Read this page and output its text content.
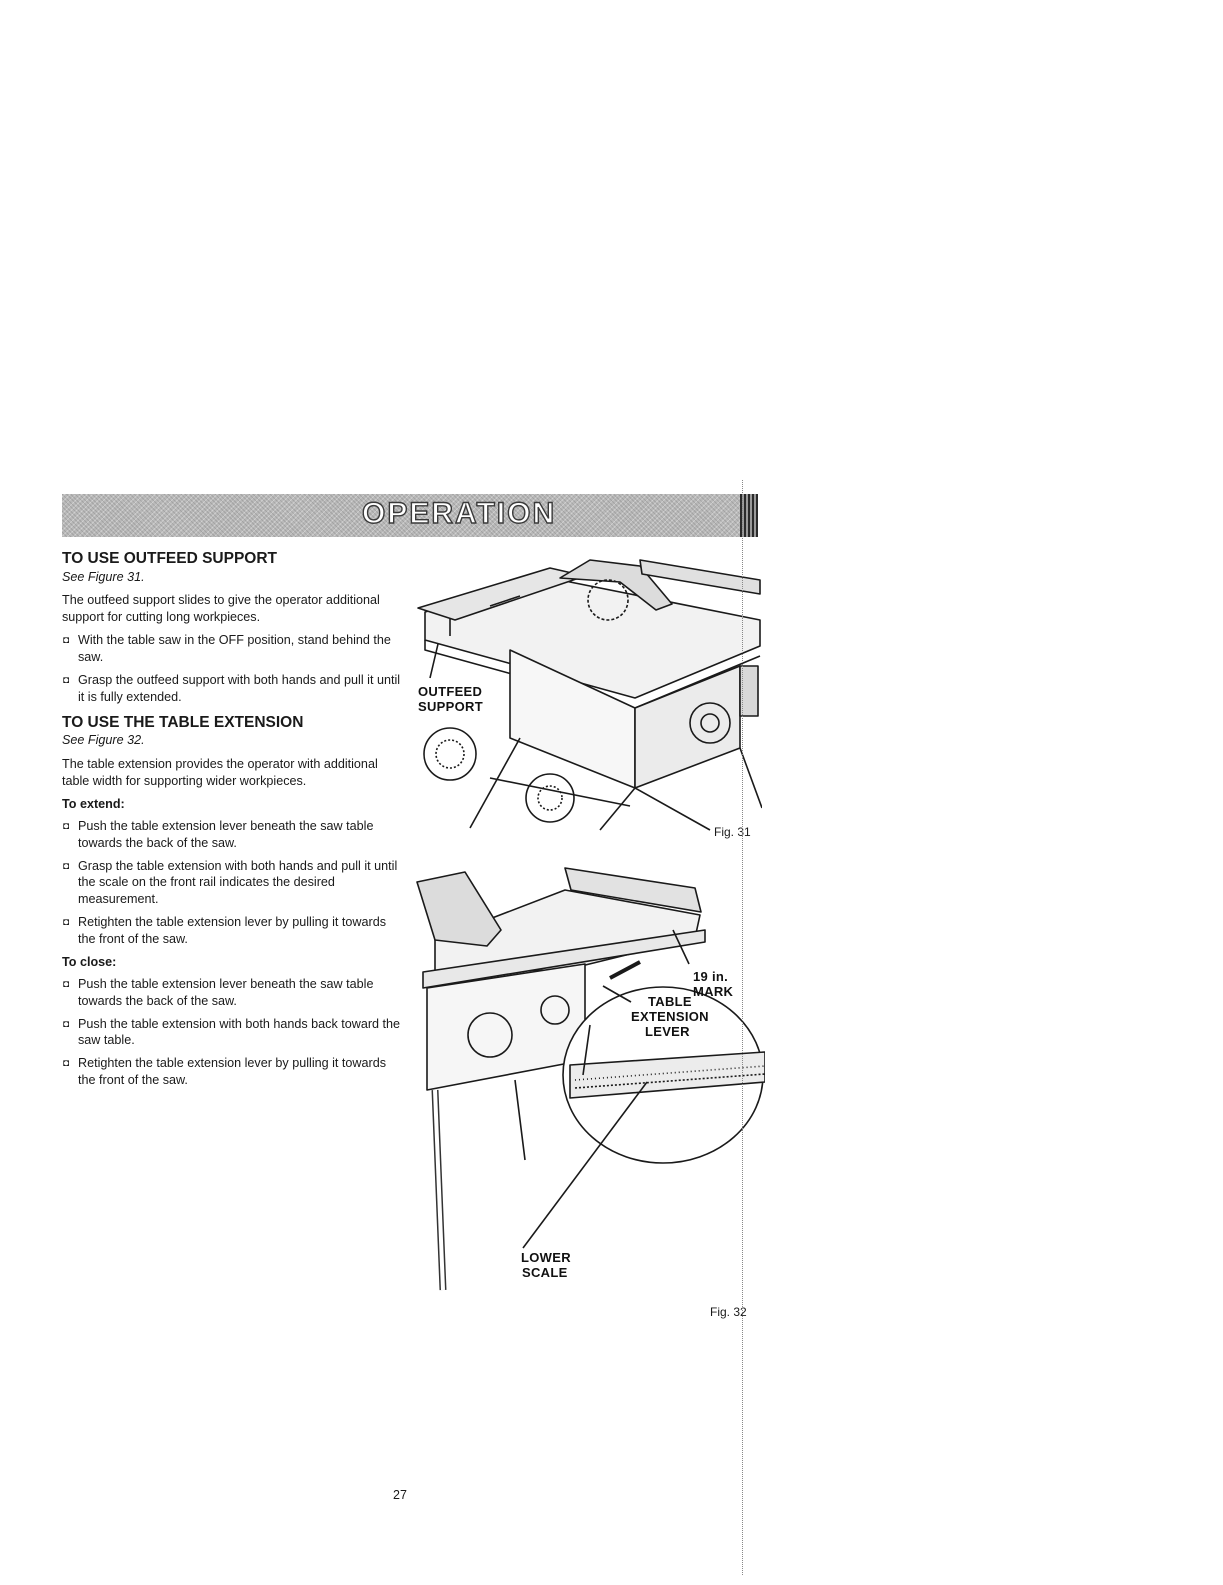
OPERATION
TO USE OUTFEED SUPPORT
See Figure 31.

The outfeed support slides to give the operator additional support for cutting long workpieces.

◘ With the table saw in the OFF position, stand behind the saw.
◘ Grasp the outfeed support with both hands and pull it until it is fully extended.
TO USE THE TABLE EXTENSION
See Figure 32.

The table extension provides the operator with additional table width for supporting wider workpieces.

To extend:
◘ Push the table extension lever beneath the saw table towards the back of the saw.
◘ Grasp the table extension with both hands and pull it until the scale on the front rail indicates the desired measurement.
◘ Retighten the table extension lever by pulling it towards the front of the saw.
To close:
◘ Push the table extension lever beneath the saw table towards the back of the saw.
◘ Push the table extension with both hands back toward the saw table.
◘ Retighten the table extension lever by pulling it towards the front of the saw.
OUTFEED
SUPPORT
Fig. 31
19 in.
MARK
TABLE
EXTENSION
LEVER
LOWER
SCALE
Fig. 32
27
